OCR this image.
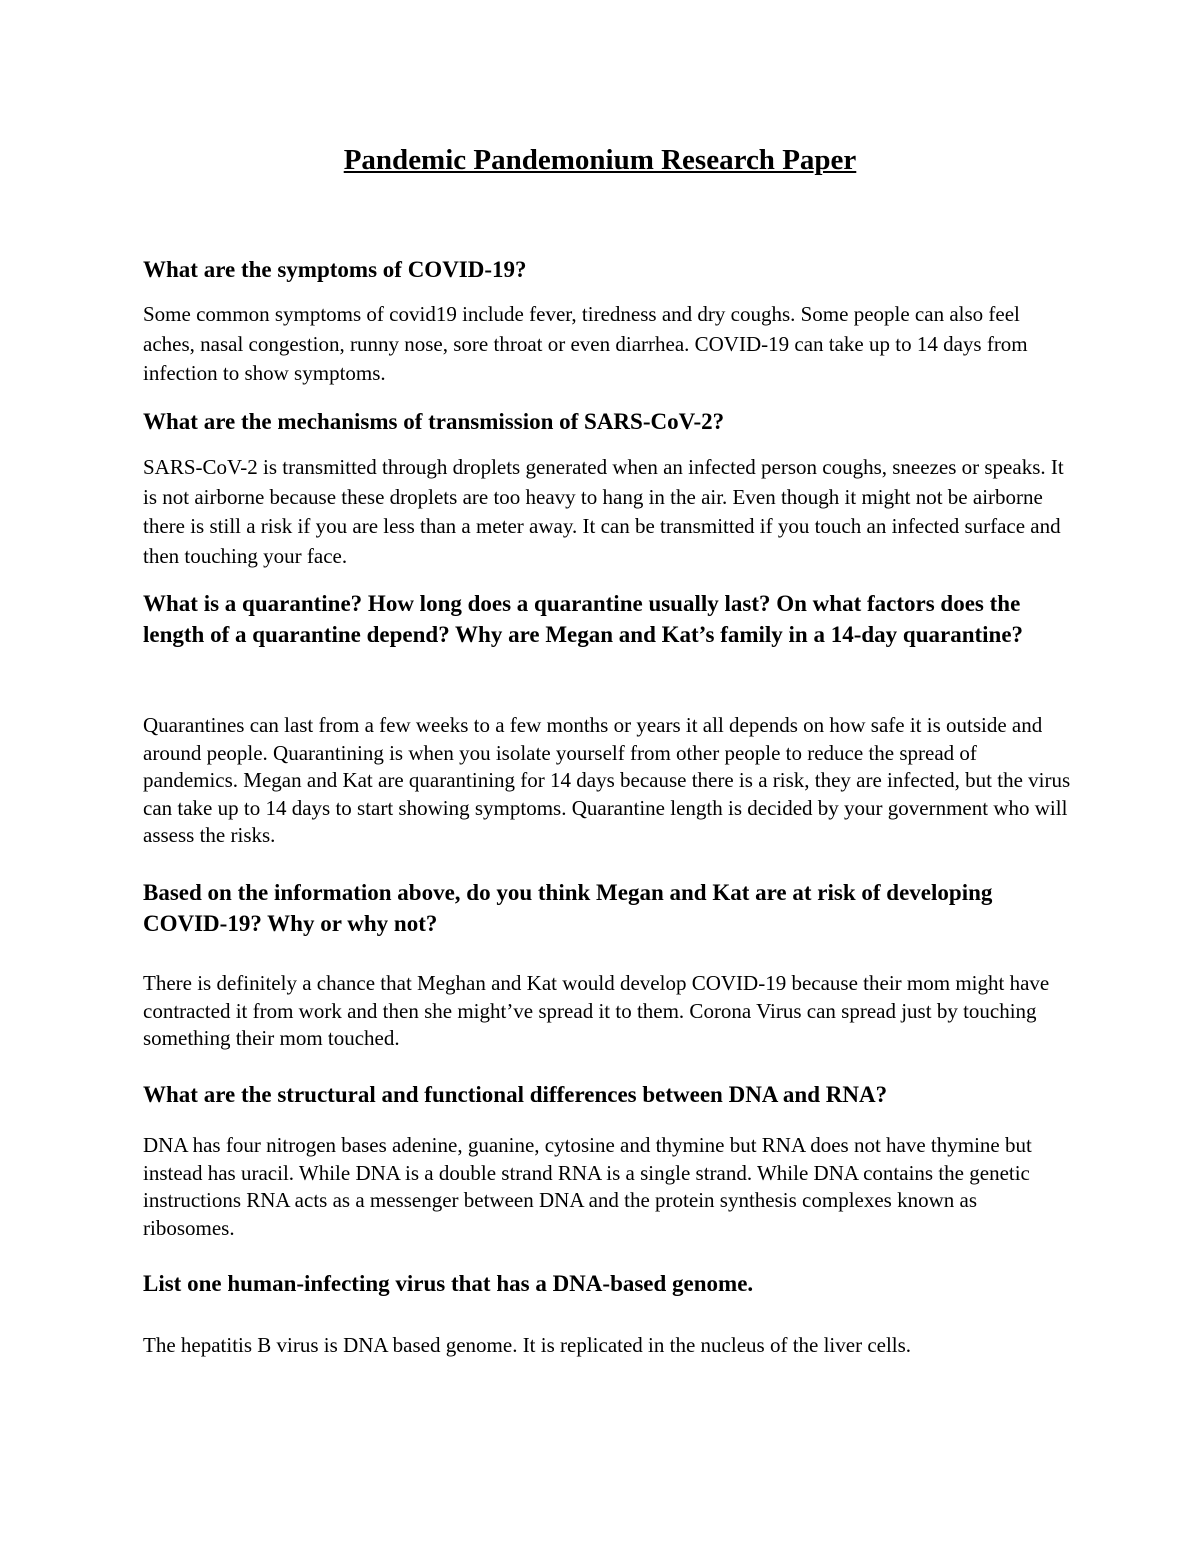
Pandemic Pandemonium Research Paper
What are the symptoms of COVID-19?

Some common symptoms of covid19 include fever, tiredness and dry coughs. Some people can also feel aches, nasal congestion, runny nose, sore throat or even diarrhea. COVID-19 can take up to 14 days from infection to show symptoms.

What are the mechanisms of transmission of SARS-CoV-2?

SARS-CoV-2 is transmitted through droplets generated when an infected person coughs, sneezes or speaks. It is not airborne because these droplets are too heavy to hang in the air. Even though it might not be airborne there is still a risk if you are less than a meter away. It can be transmitted if you touch an infected surface and then touching your face.

What is a quarantine? How long does a quarantine usually last? On what factors does the length of a quarantine depend? Why are Megan and Kat’s family in a 14-day quarantine?

Quarantines can last from a few weeks to a few months or years it all depends on how safe it is outside and around people. Quarantining is when you isolate yourself from other people to reduce the spread of pandemics. Megan and Kat are quarantining for 14 days because there is a risk, they are infected, but the virus can take up to 14 days to start showing symptoms. Quarantine length is decided by your government who will assess the risks.

Based on the information above, do you think Megan and Kat are at risk of developing COVID-19? Why or why not?

There is definitely a chance that Meghan and Kat would develop COVID-19 because their mom might have contracted it from work and then she might’ve spread it to them. Corona Virus can spread just by touching something their mom touched.

What are the structural and functional differences between DNA and RNA?

DNA has four nitrogen bases adenine, guanine, cytosine and thymine but RNA does not have thymine but instead has uracil. While DNA is a double strand RNA is a single strand. While DNA contains the genetic instructions RNA acts as a messenger between DNA and the protein synthesis complexes known as ribosomes.

List one human-infecting virus that has a DNA-based genome.

The hepatitis B virus is DNA based genome. It is replicated in the nucleus of the liver cells.
